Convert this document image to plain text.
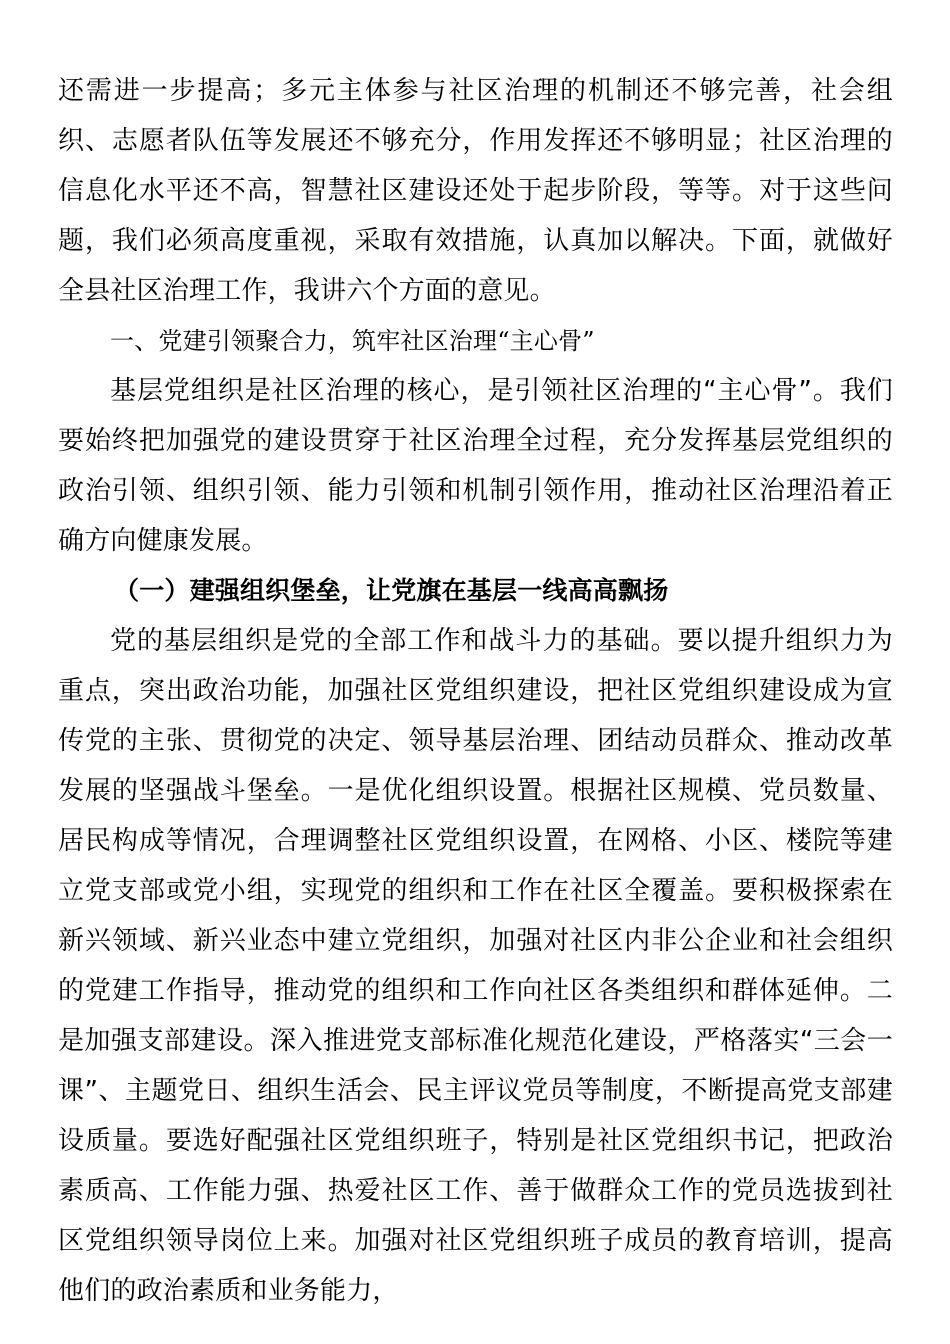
还需进一步提高；多元主体参与社区治理的机制还不够完善，社会组织、志愿者队伍等发展还不够充分，作用发挥还不够明显；社区治理的信息化水平还不高，智慧社区建设还处于起步阶段，等等。对于这些问题，我们必须高度重视，采取有效措施，认真加以解决。下面，就做好全县社区治理工作，我讲六个方面的意见。

一、党建引领聚合力，筑牢社区治理“主心骨”

基层党组织是社区治理的核心，是引领社区治理的“主心骨”。我们要始终把加强党的建设贯穿于社区治理全过程，充分发挥基层党组织的政治引领、组织引领、能力引领和机制引领作用，推动社区治理沿着正确方向健康发展。

（一）建强组织堡垒，让党旗在基层一线高高飘扬

党的基层组织是党的全部工作和战斗力的基础。要以提升组织力为重点，突出政治功能，加强社区党组织建设，把社区党组织建设成为宣传党的主张、贯彻党的决定、领导基层治理、团结动员群众、推动改革发展的坚强战斗堡垒。一是优化组织设置。根据社区规模、党员数量、居民构成等情况，合理调整社区党组织设置，在网格、小区、楼院等建立党支部或党小组，实现党的组织和工作在社区全覆盖。要积极探索在新兴领域、新兴业态中建立党组织，加强对社区内非公企业和社会组织的党建工作指导，推动党的组织和工作向社区各类组织和群体延伸。二是加强支部建设。深入推进党支部标准化规范化建设，严格落实“三会一课”、主题党日、组织生活会、民主评议党员等制度，不断提高党支部建设质量。要选好配强社区党组织班子，特别是社区党组织书记，把政治素质高、工作能力强、热爱社区工作、善于做群众工作的党员选拔到社区党组织领导岗位上来。加强对社区党组织班子成员的教育培训，提高他们的政治素质和业务能力，
